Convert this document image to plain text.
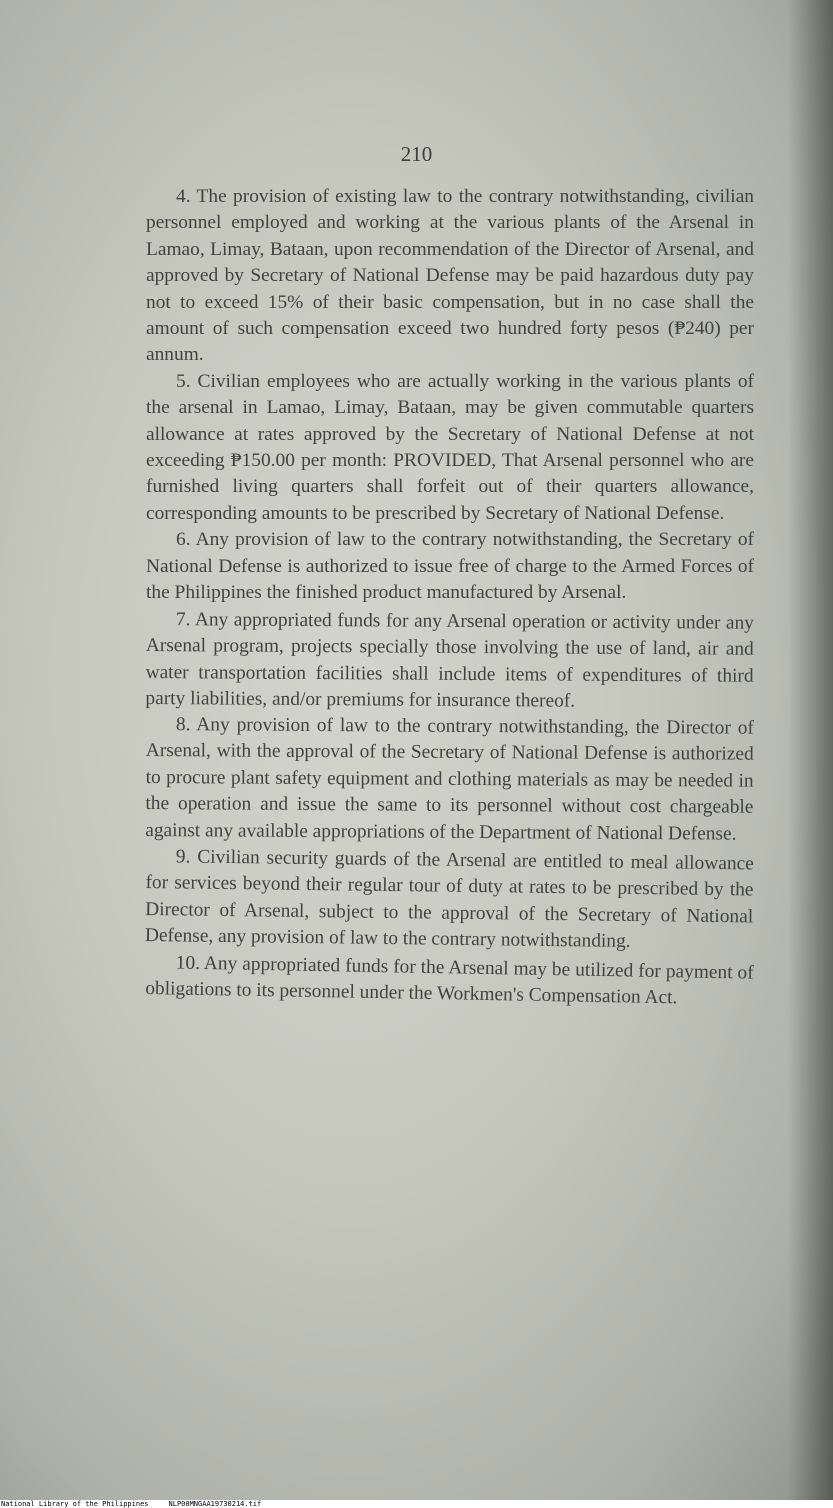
210

4. The provision of existing law to the contrary notwithstanding, civilian personnel employed and working at the various plants of the Arsenal in Lamao, Limay, Bataan, upon recommendation of the Director of Arsenal, and approved by Secretary of National Defense may be paid hazardous duty pay not to exceed 15% of their basic compensation, but in no case shall the amount of such compensation exceed two hundred forty pesos (₱240) per annum.

5. Civilian employees who are actually working in the various plants of the arsenal in Lamao, Limay, Bataan, may be given commutable quarters allowance at rates approved by the Secretary of National Defense at not exceeding ₱150.00 per month: PROVIDED, That Arsenal personnel who are furnished living quarters shall forfeit out of their quarters allowance, corresponding amounts to be prescribed by Secretary of National Defense.

6. Any provision of law to the contrary notwithstanding, the Secretary of National Defense is authorized to issue free of charge to the Armed Forces of the Philippines the finished product manufactured by Arsenal.

7. Any appropriated funds for any Arsenal operation or activity under any Arsenal program, projects specially those involving the use of land, air and water transportation facilities shall include items of expenditures of third party liabilities, and/or premiums for insurance thereof.

8. Any provision of law to the contrary notwithstanding, the Director of Arsenal, with the approval of the Secretary of National Defense is authorized to procure plant safety equipment and clothing materials as may be needed in the operation and issue the same to its personnel without cost chargeable against any available appropriations of the Department of National Defense.

9. Civilian security guards of the Arsenal are entitled to meal allowance for services beyond their regular tour of duty at rates to be prescribed by the Director of Arsenal, subject to the approval of the Secretary of National Defense, any provision of law to the contrary notwithstanding.

10. Any appropriated funds for the Arsenal may be utilized for payment of obligations to its personnel under the Workmen's Compensation Act.

National Library of the Philippines	NLP00MNGAA19730214.tif
